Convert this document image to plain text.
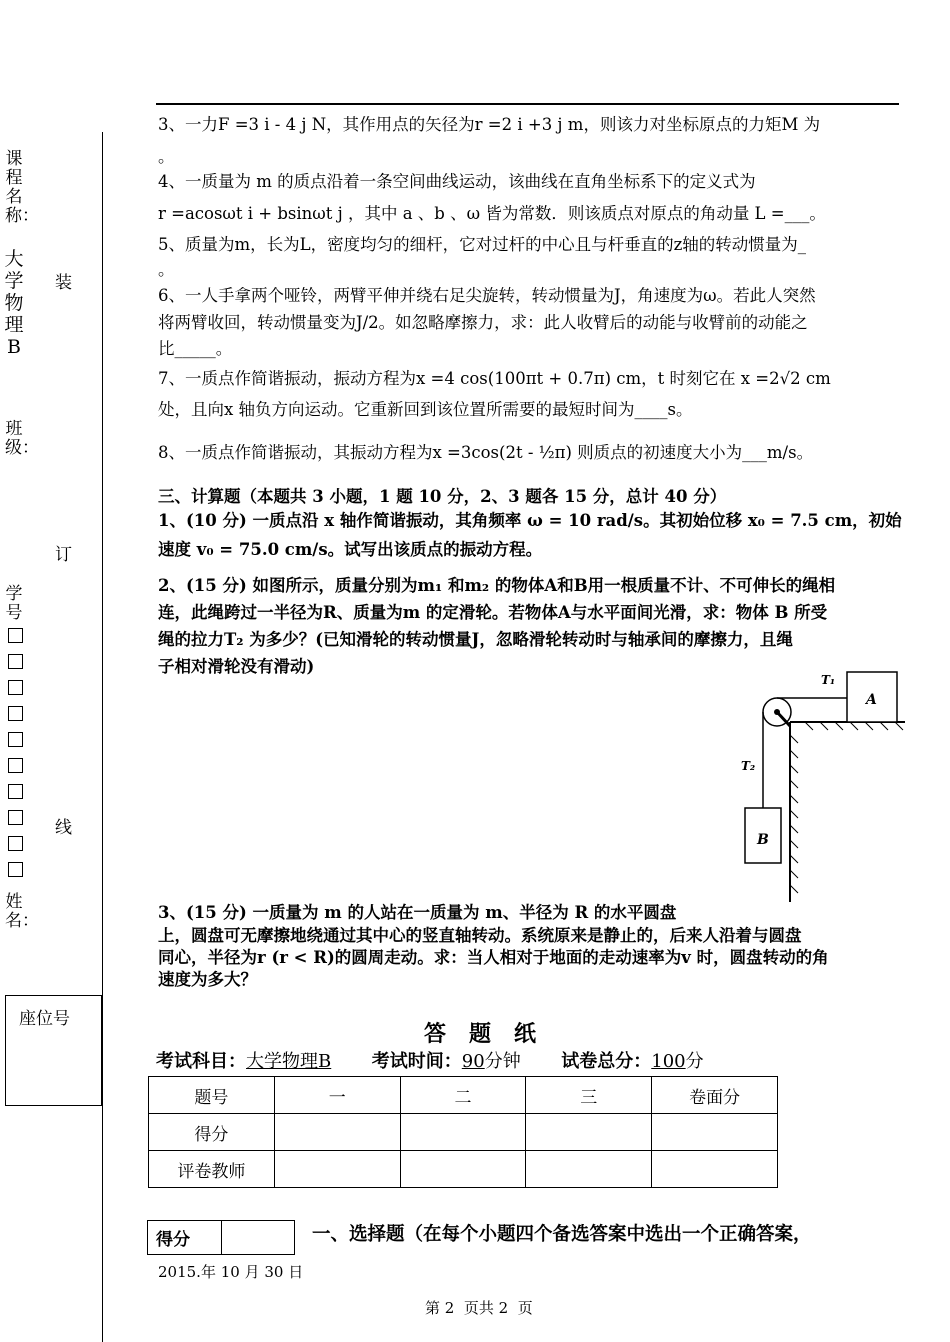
课程名称：
大学物理B
班级：
学号
姓名：
装
订
线
座位号
3、一力F =3 i - 4 j N，其作用点的矢径为r =2 i +3 j m，则该力对坐标原点的力矩M 为
。
4、一质量为 m 的质点沿着一条空间曲线运动，该曲线在直角坐标系下的定义式为
r =acosωt i + bsinωt j ，其中 a 、b 、ω 皆为常数．则该质点对原点的角动量 L =___。
5、质量为m，长为L，密度均匀的细杆，它对过杆的中心且与杆垂直的z轴的转动惯量为_
。
6、一人手拿两个哑铃，两臂平伸并绕右足尖旋转，转动惯量为J，角速度为ω。若此人突然
将两臂收回，转动惯量变为J/2。如忽略摩擦力，求：此人收臂后的动能与收臂前的动能之
比_____。
7、一质点作简谐振动，振动方程为x =4 cos(100πt + 0.7π) cm，t 时刻它在 x =2√2 cm
处，且向x 轴负方向运动。它重新回到该位置所需要的最短时间为____s。
8、一质点作简谐振动，其振动方程为x =3cos(2t - ½π) 则质点的初速度大小为___m/s。
三、计算题（本题共 3 小题，1 题 10 分，2、3 题各 15 分，总计 40 分）
1、(10 分) 一质点沿 x 轴作简谐振动，其角频率 ω = 10 rad/s。其初始位移 x₀ = 7.5 cm，初始
速度 v₀ = 75.0 cm/s。试写出该质点的振动方程。
2、(15 分) 如图所示，质量分别为m₁ 和m₂ 的物体A和B用一根质量不计、不可伸长的绳相
连，此绳跨过一半径为R、质量为m 的定滑轮。若物体A与水平面间光滑，求：物体 B 所受
绳的拉力T₂ 为多少？(已知滑轮的转动惯量J，忽略滑轮转动时与轴承间的摩擦力，且绳
子相对滑轮没有滑动)
A
B
T₁
T₂
3、(15 分) 一质量为 m 的人站在一质量为 m、半径为 R 的水平圆盘
上，圆盘可无摩擦地绕通过其中心的竖直轴转动。系统原来是静止的，后来人沿着与圆盘
同心，半径为r (r < R)的圆周走动。求：当人相对于地面的走动速率为v 时，圆盘转动的角
速度为多大？
答   题   纸
考试科目：大学物理B 考试时间：90分钟 试卷总分：100分
题号	一	二	三	卷面分
得分				
评卷教师				
得分		一、选择题（在每个小题四个备选答案中选出一个正确答案，
2015.年 10 月 30 日
第 2  页共 2  页
